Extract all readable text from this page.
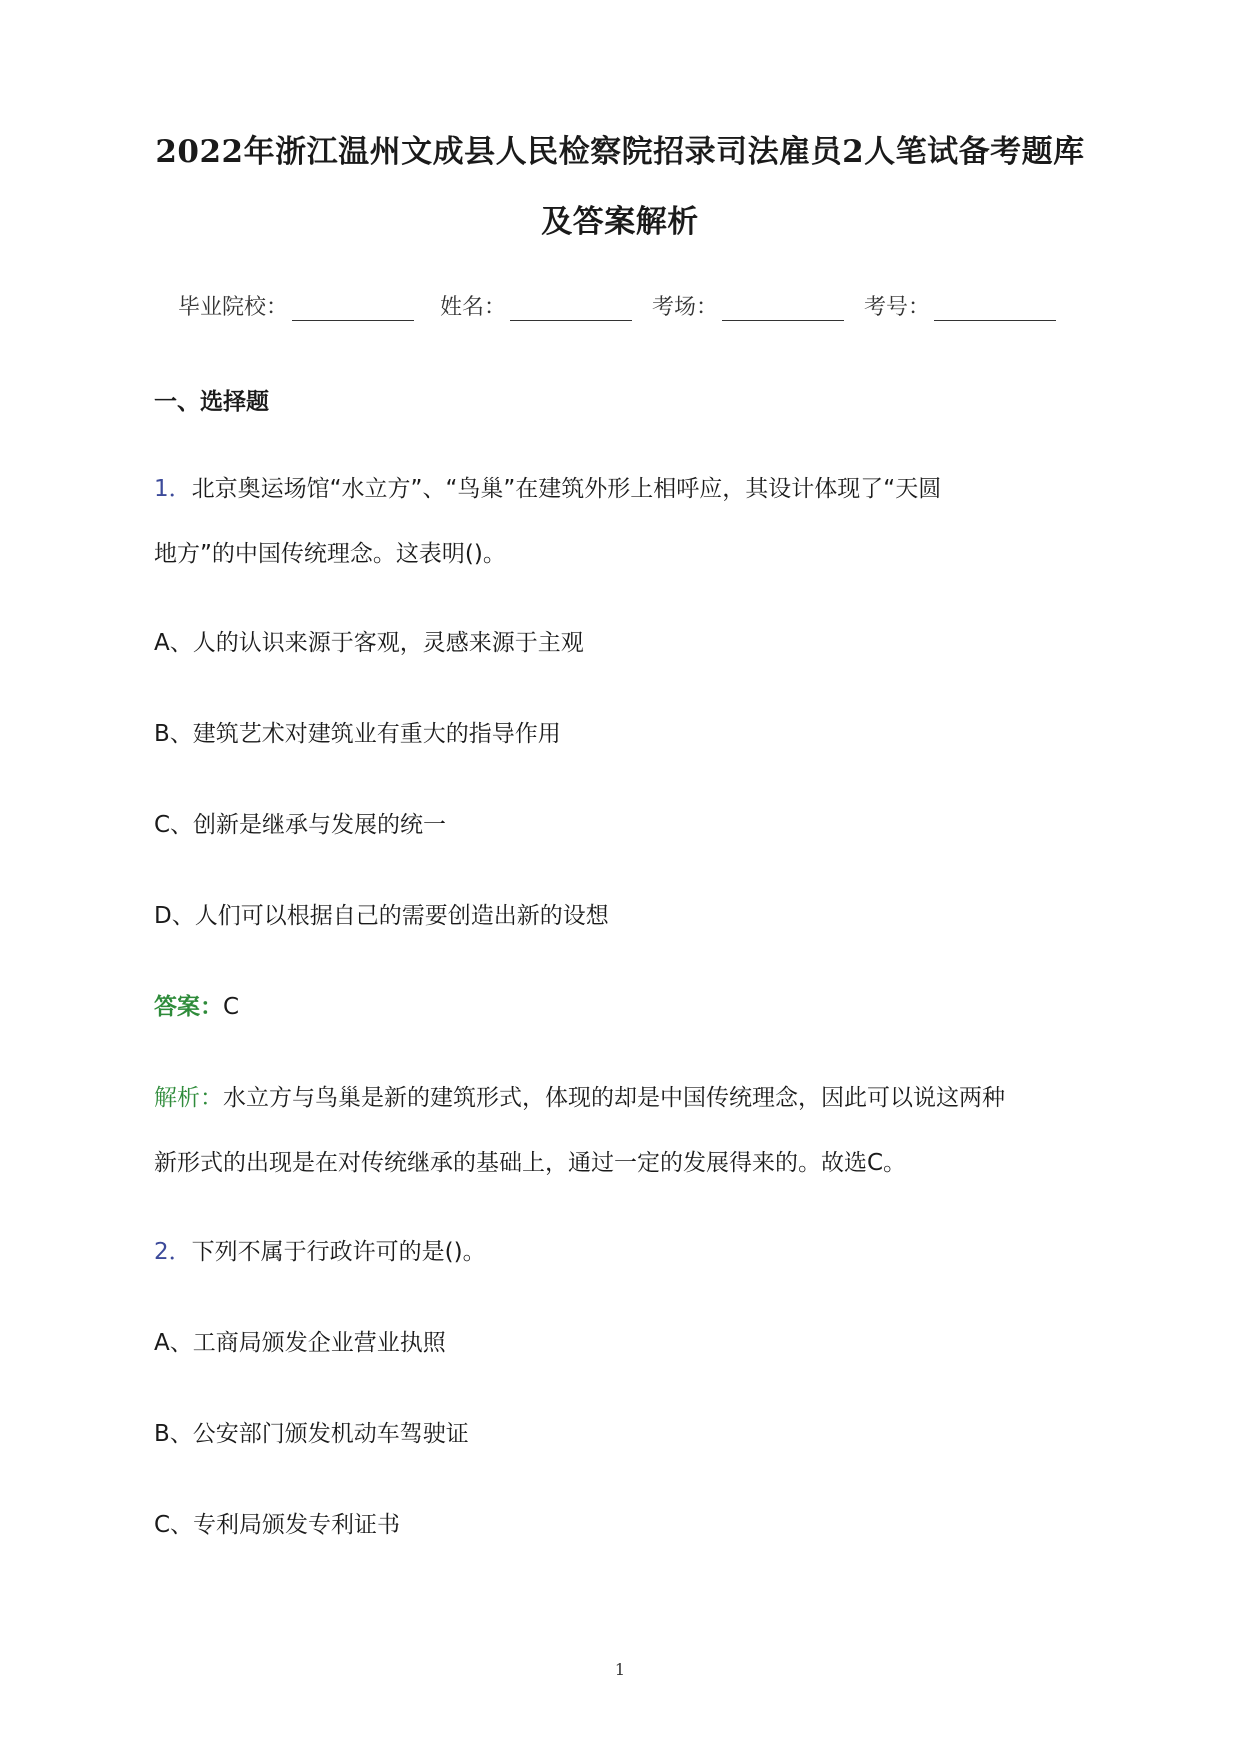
2022年浙江温州文成县人民检察院招录司法雇员2人笔试备考题库
及答案解析
毕业院校：	姓名：	考场：	考号：
一、选择题
1．北京奥运场馆“水立方”、“鸟巢”在建筑外形上相呼应，其设计体现了“天圆
地方”的中国传统理念。这表明()。
A、人的认识来源于客观，灵感来源于主观
B、建筑艺术对建筑业有重大的指导作用
C、创新是继承与发展的统一
D、人们可以根据自己的需要创造出新的设想
答案：C
解析：水立方与鸟巢是新的建筑形式，体现的却是中国传统理念，因此可以说这两种
新形式的出现是在对传统继承的基础上，通过一定的发展得来的。故选C。
2．下列不属于行政许可的是()。
A、工商局颁发企业营业执照
B、公安部门颁发机动车驾驶证
C、专利局颁发专利证书
1
